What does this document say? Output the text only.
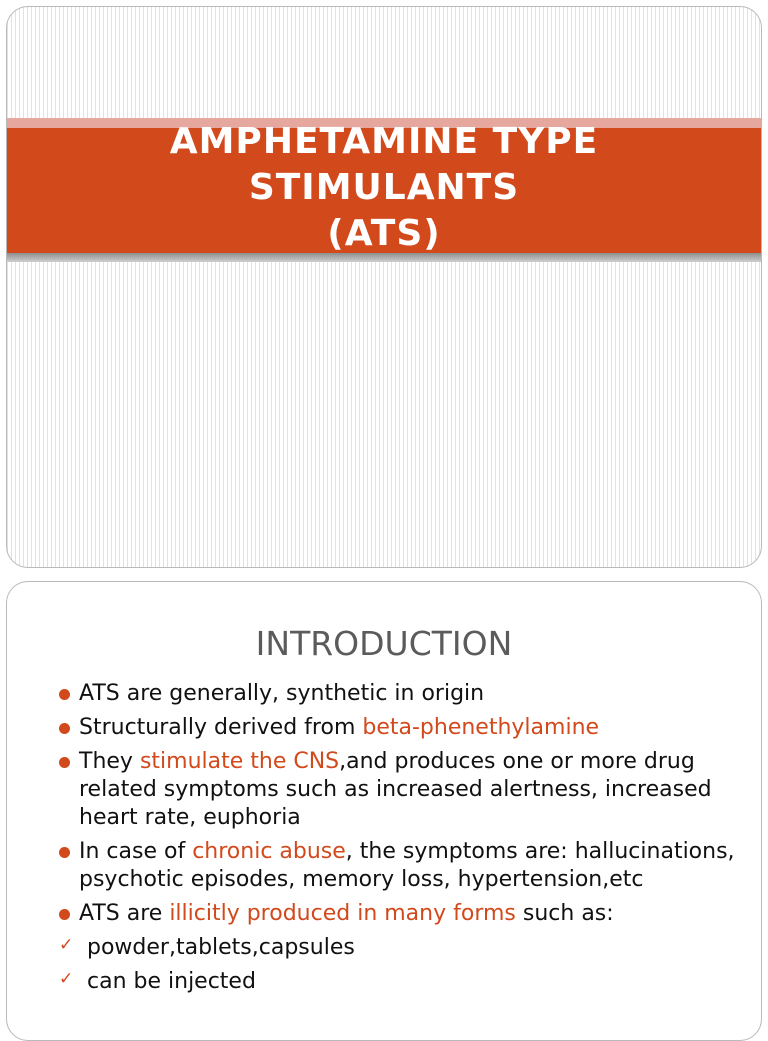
AMPHETAMINE TYPE
STIMULANTS
(ATS)
INTRODUCTION
ATS are generally, synthetic in origin
Structurally derived from beta-phenethylamine
They stimulate the CNS,and produces one or more drug related symptoms such as increased alertness, increased heart rate, euphoria
In case of chronic abuse, the symptoms are: hallucinations, psychotic episodes, memory loss, hypertension,etc
ATS are illicitly produced in many forms such as:
✓ powder,tablets,capsules
✓ can be injected
